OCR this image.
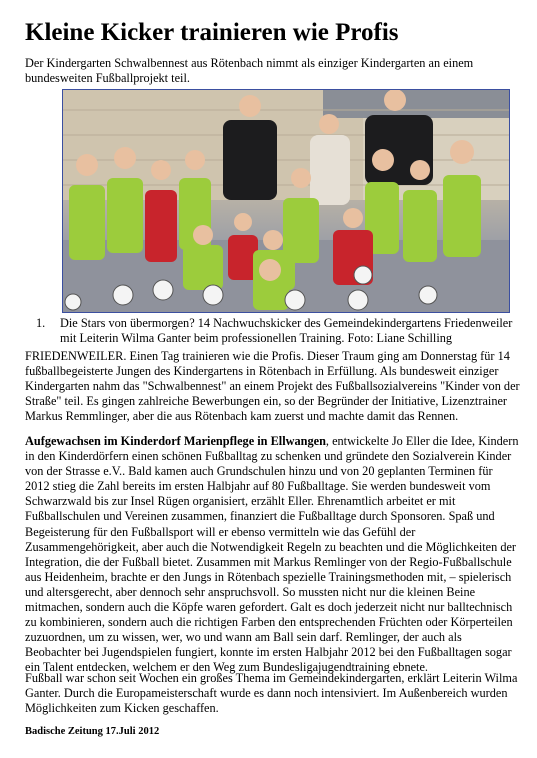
Kleine Kicker trainieren wie Profis

Der Kindergarten Schwalbennest aus Rötenbach nimmt als einziger Kindergarten an einem bundesweiten Fußballprojekt teil.

1.	Die Stars von übermorgen? 14 Nachwuchskicker des Gemeindekindergartens Friedenweiler mit Leiterin Wilma Ganter beim professionellen Training. Foto: Liane Schilling

FRIEDENWEILER. Einen Tag trainieren wie die Profis. Dieser Traum ging am Donnerstag für 14 fußballbegeisterte Jungen des Kindergartens in Rötenbach in Erfüllung. Als bundesweit einziger Kindergarten nahm das "Schwalbennest" an einem Projekt des Fußballsozialvereins "Kinder von der Straße" teil. Es gingen zahlreiche Bewerbungen ein, so der Begründer der Initiative, Lizenztrainer Markus Remmlinger, aber die aus Rötenbach kam zuerst und machte damit das Rennen.

Aufgewachsen im Kinderdorf Marienpflege in Ellwangen, entwickelte Jo Eller die Idee, Kindern in den Kinderdörfern einen schönen Fußballtag zu schenken und gründete den Sozialverein Kinder von der Strasse e.V.. Bald kamen auch Grundschulen hinzu und von 20 geplanten Terminen für 2012 stieg die Zahl bereits im ersten Halbjahr auf 80 Fußballtage. Sie werden bundesweit vom Schwarzwald bis zur Insel Rügen organisiert, erzählt Eller. Ehrenamtlich arbeitet er mit Fußballschulen und Vereinen zusammen, finanziert die Fußballtage durch Sponsoren. Spaß und Begeisterung für den Fußballsport will er ebenso vermitteln wie das Gefühl der Zusammengehörigkeit, aber auch die Notwendigkeit Regeln zu beachten und die Möglichkeiten der Integration, die der Fußball bietet. Zusammen mit Markus Remlinger von der Regio-Fußballschule aus Heidenheim, brachte er den Jungs in Rötenbach spezielle Trainingsmethoden mit, – spielerisch und altersgerecht, aber dennoch sehr anspruchsvoll. So mussten nicht nur die kleinen Beine mitmachen, sondern auch die Köpfe waren gefordert. Galt es doch jederzeit nicht nur balltechnisch zu kombinieren, sondern auch die richtigen Farben den entsprechenden Früchten oder Körperteilen zuzuordnen, um zu wissen, wer, wo und wann am Ball sein darf. Remlinger, der auch als Beobachter bei Jugendspielen fungiert, konnte im ersten Halbjahr 2012 bei den Fußballtagen sogar ein Talent entdecken, welchem er den Weg zum Bundesligajugendtraining ebnete.

Fußball war schon seit Wochen ein großes Thema im Gemeindekindergarten, erklärt Leiterin Wilma Ganter. Durch die Europameisterschaft wurde es dann noch intensiviert. Im Außenbereich wurden Möglichkeiten zum Kicken geschaffen.

Badische Zeitung 17.Juli 2012
